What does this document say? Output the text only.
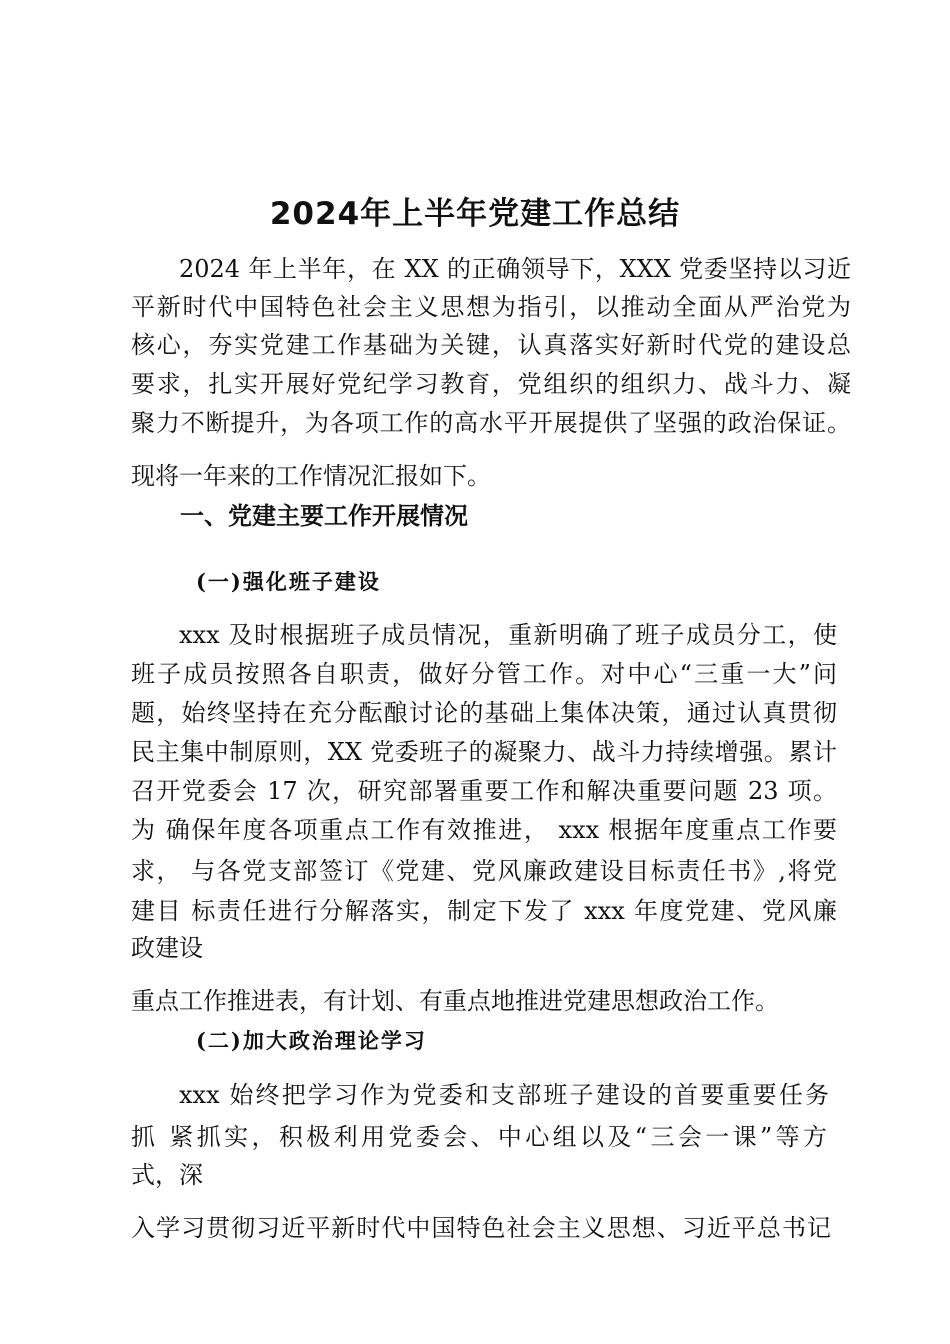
2024年上半年党建工作总结

2024 年上半年，在 XX 的正确领导下，XXX 党委坚持以习近

平新时代中国特色社会主义思想为指引，以推动全面从严治党为

核心，夯实党建工作基础为关键，认真落实好新时代党的建设总

要求，扎实开展好党纪学习教育，党组织的组织力、战斗力、凝

聚力不断提升，为各项工作的高水平开展提供了坚强的政治保证。

现将一年来的工作情况汇报如下。

一、党建主要工作开展情况
(一)强化班子建设

xxx 及时根据班子成员情况，重新明确了班子成员分工，使

班子成员按照各自职责，做好分管工作。对中心“三重一大”问

题，始终坚持在充分酝酿讨论的基础上集体决策，通过认真贯彻

民主集中制原则，XX 党委班子的凝聚力、战斗力持续增强。累计

召开党委会 17 次，研究部署重要工作和解决重要问题 23 项。

为 确保年度各项重点工作有效推进， xxx 根据年度重点工作要

求， 与各党支部签订《党建、党风廉政建设目标责任书》,将党

建目 标责任进行分解落实，制定下发了 xxx 年度党建、党风廉

政建设

重点工作推进表，有计划、有重点地推进党建思想政治工作。

(二)加大政治理论学习

xxx 始终把学习作为党委和支部班子建设的首要重要任务

抓 紧抓实，积极利用党委会、中心组以及“三会一课”等方

式，深

入学习贯彻习近平新时代中国特色社会主义思想、习近平总书记
